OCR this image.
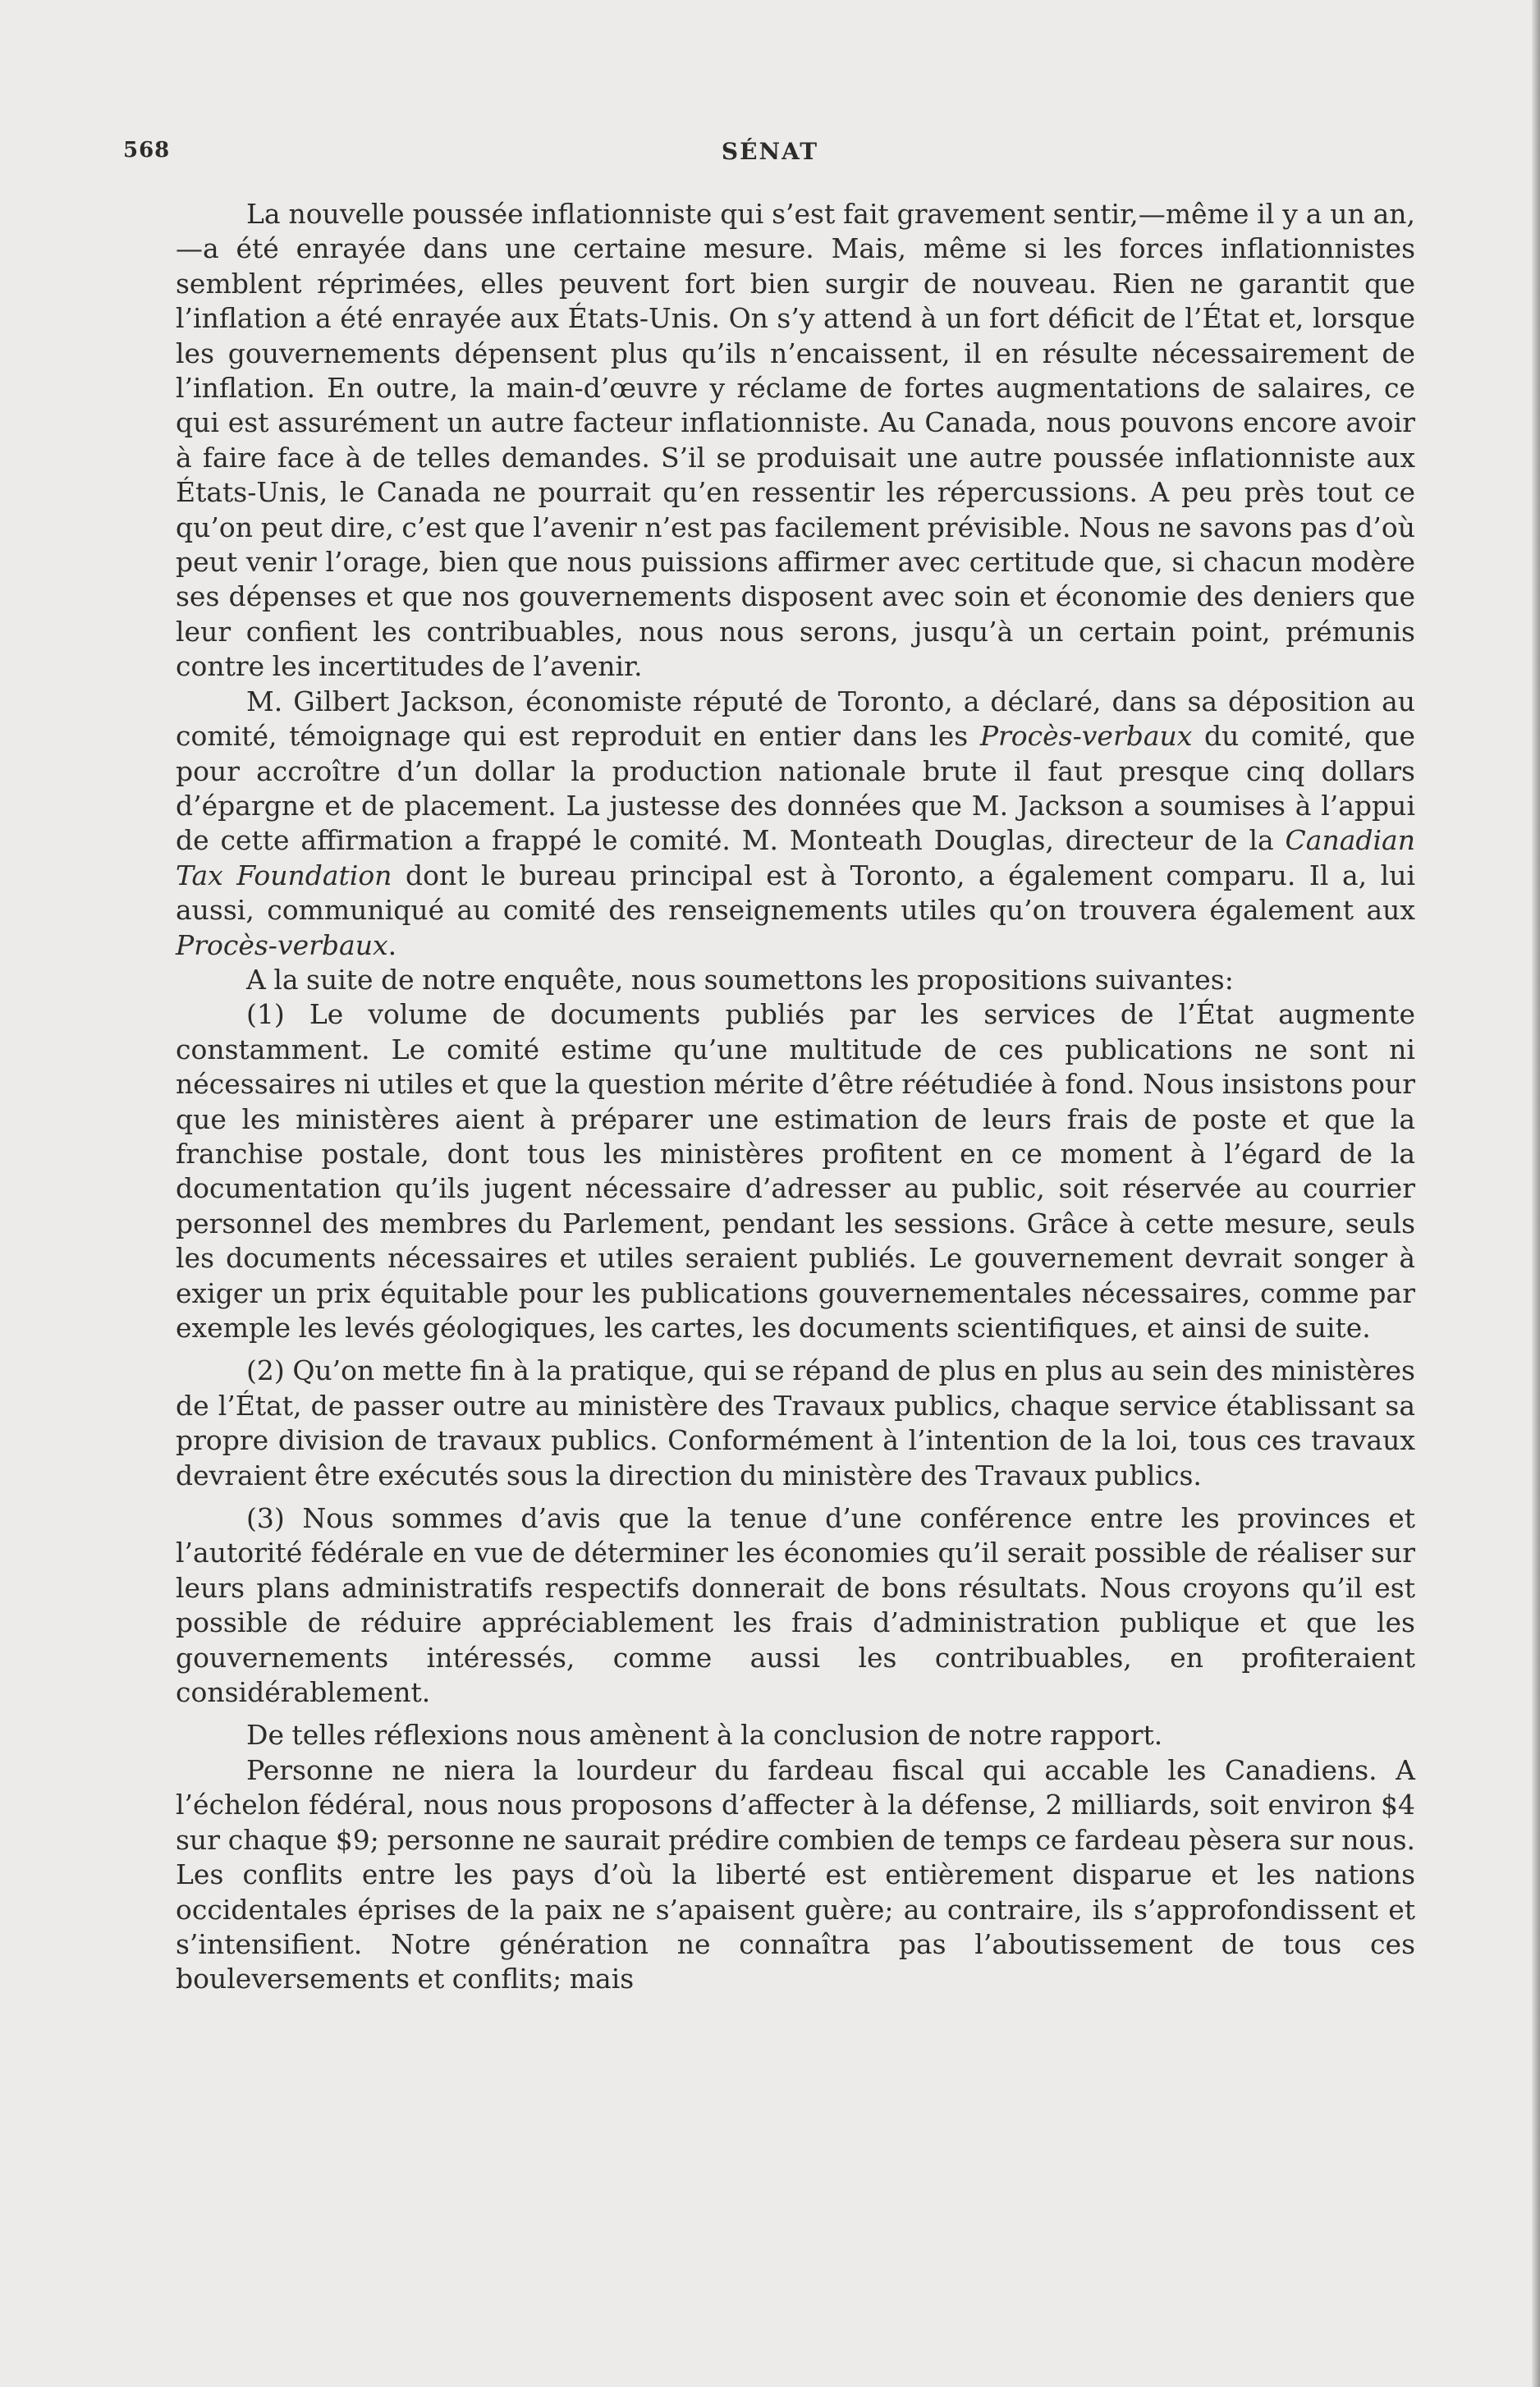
568	SÉNAT

La nouvelle poussée inflationniste qui s’est fait gravement sentir,—même il y a un an,—a été enrayée dans une certaine mesure. Mais, même si les forces inflationnistes semblent réprimées, elles peuvent fort bien surgir de nouveau. Rien ne garantit que l’inflation a été enrayée aux États-Unis. On s’y attend à un fort déficit de l’État et, lorsque les gouvernements dépensent plus qu’ils n’encaissent, il en résulte nécessairement de l’inflation. En outre, la main-d’œuvre y réclame de fortes augmentations de salaires, ce qui est assurément un autre facteur inflationniste. Au Canada, nous pouvons encore avoir à faire face à de telles demandes. S’il se produisait une autre poussée inflationniste aux États-Unis, le Canada ne pourrait qu’en ressentir les répercussions. A peu près tout ce qu’on peut dire, c’est que l’avenir n’est pas facilement prévisible. Nous ne savons pas d’où peut venir l’orage, bien que nous puissions affirmer avec certitude que, si chacun modère ses dépenses et que nos gouvernements disposent avec soin et économie des deniers que leur confient les contribuables, nous nous serons, jusqu’à un certain point, prémunis contre les incertitudes de l’avenir.

M. Gilbert Jackson, économiste réputé de Toronto, a déclaré, dans sa déposition au comité, témoignage qui est reproduit en entier dans les Procès-verbaux du comité, que pour accroître d’un dollar la production nationale brute il faut presque cinq dollars d’épargne et de placement. La justesse des données que M. Jackson a soumises à l’appui de cette affirmation a frappé le comité. M. Monteath Douglas, directeur de la Canadian Tax Foundation dont le bureau principal est à Toronto, a également comparu. Il a, lui aussi, communiqué au comité des renseignements utiles qu’on trouvera également aux Procès-verbaux.

A la suite de notre enquête, nous soumettons les propositions suivantes:

(1) Le volume de documents publiés par les services de l’État augmente constamment. Le comité estime qu’une multitude de ces publications ne sont ni nécessaires ni utiles et que la question mérite d’être réétudiée à fond. Nous insistons pour que les ministères aient à préparer une estimation de leurs frais de poste et que la franchise postale, dont tous les ministères profitent en ce moment à l’égard de la documentation qu’ils jugent nécessaire d’adresser au public, soit réservée au courrier personnel des membres du Parlement, pendant les sessions. Grâce à cette mesure, seuls les documents nécessaires et utiles seraient publiés. Le gouvernement devrait songer à exiger un prix équitable pour les publications gouvernementales nécessaires, comme par exemple les levés géologiques, les cartes, les documents scientifiques, et ainsi de suite.

(2) Qu’on mette fin à la pratique, qui se répand de plus en plus au sein des ministères de l’État, de passer outre au ministère des Travaux publics, chaque service établissant sa propre division de travaux publics. Conformément à l’intention de la loi, tous ces travaux devraient être exécutés sous la direction du ministère des Travaux publics.

(3) Nous sommes d’avis que la tenue d’une conférence entre les provinces et l’autorité fédérale en vue de déterminer les économies qu’il serait possible de réaliser sur leurs plans administratifs respectifs donnerait de bons résultats. Nous croyons qu’il est possible de réduire appréciablement les frais d’administration publique et que les gouvernements intéressés, comme aussi les contribuables, en profiteraient considérablement.

De telles réflexions nous amènent à la conclusion de notre rapport.

Personne ne niera la lourdeur du fardeau fiscal qui accable les Canadiens. A l’échelon fédéral, nous nous proposons d’affecter à la défense, 2 milliards, soit environ $4 sur chaque $9; personne ne saurait prédire combien de temps ce fardeau pèsera sur nous. Les conflits entre les pays d’où la liberté est entièrement disparue et les nations occidentales éprises de la paix ne s’apaisent guère; au contraire, ils s’approfondissent et s’intensifient. Notre génération ne connaîtra pas l’aboutissement de tous ces bouleversements et conflits; mais
